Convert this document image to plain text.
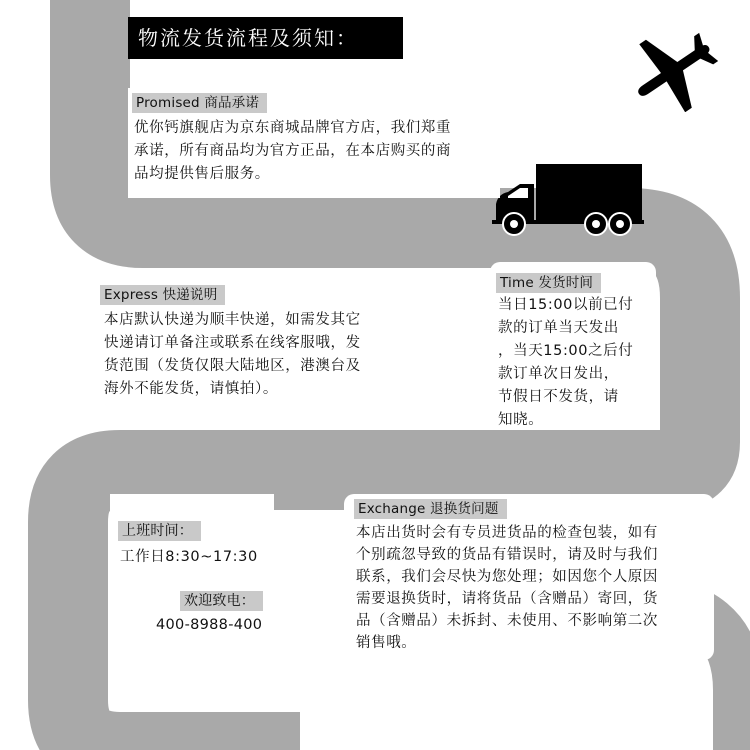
物流发货流程及须知：
Promised 商品承诺
优你钙旗舰店为京东商城品牌官方店，我们郑重
承诺，所有商品均为官方正品，在本店购买的商
品均提供售后服务。
Express 快递说明
本店默认快递为顺丰快递，如需发其它
快递请订单备注或联系在线客服哦，发
货范围（发货仅限大陆地区，港澳台及
海外不能发货，请慎拍）。
Time 发货时间
当日15:00以前已付
款的订单当天发出
，当天15:00之后付
款订单次日发出，
节假日不发货，请
知晓。
上班时间：
工作日8:30~17:30
欢迎致电：
400-8988-400
Exchange 退换货问题
本店出货时会有专员进货品的检查包装，如有
个别疏忽导致的货品有错误时，请及时与我们
联系，我们会尽快为您处理；如因您个人原因
需要退换货时，请将货品（含赠品）寄回，货
品（含赠品）未拆封、未使用、不影响第二次
销售哦。
